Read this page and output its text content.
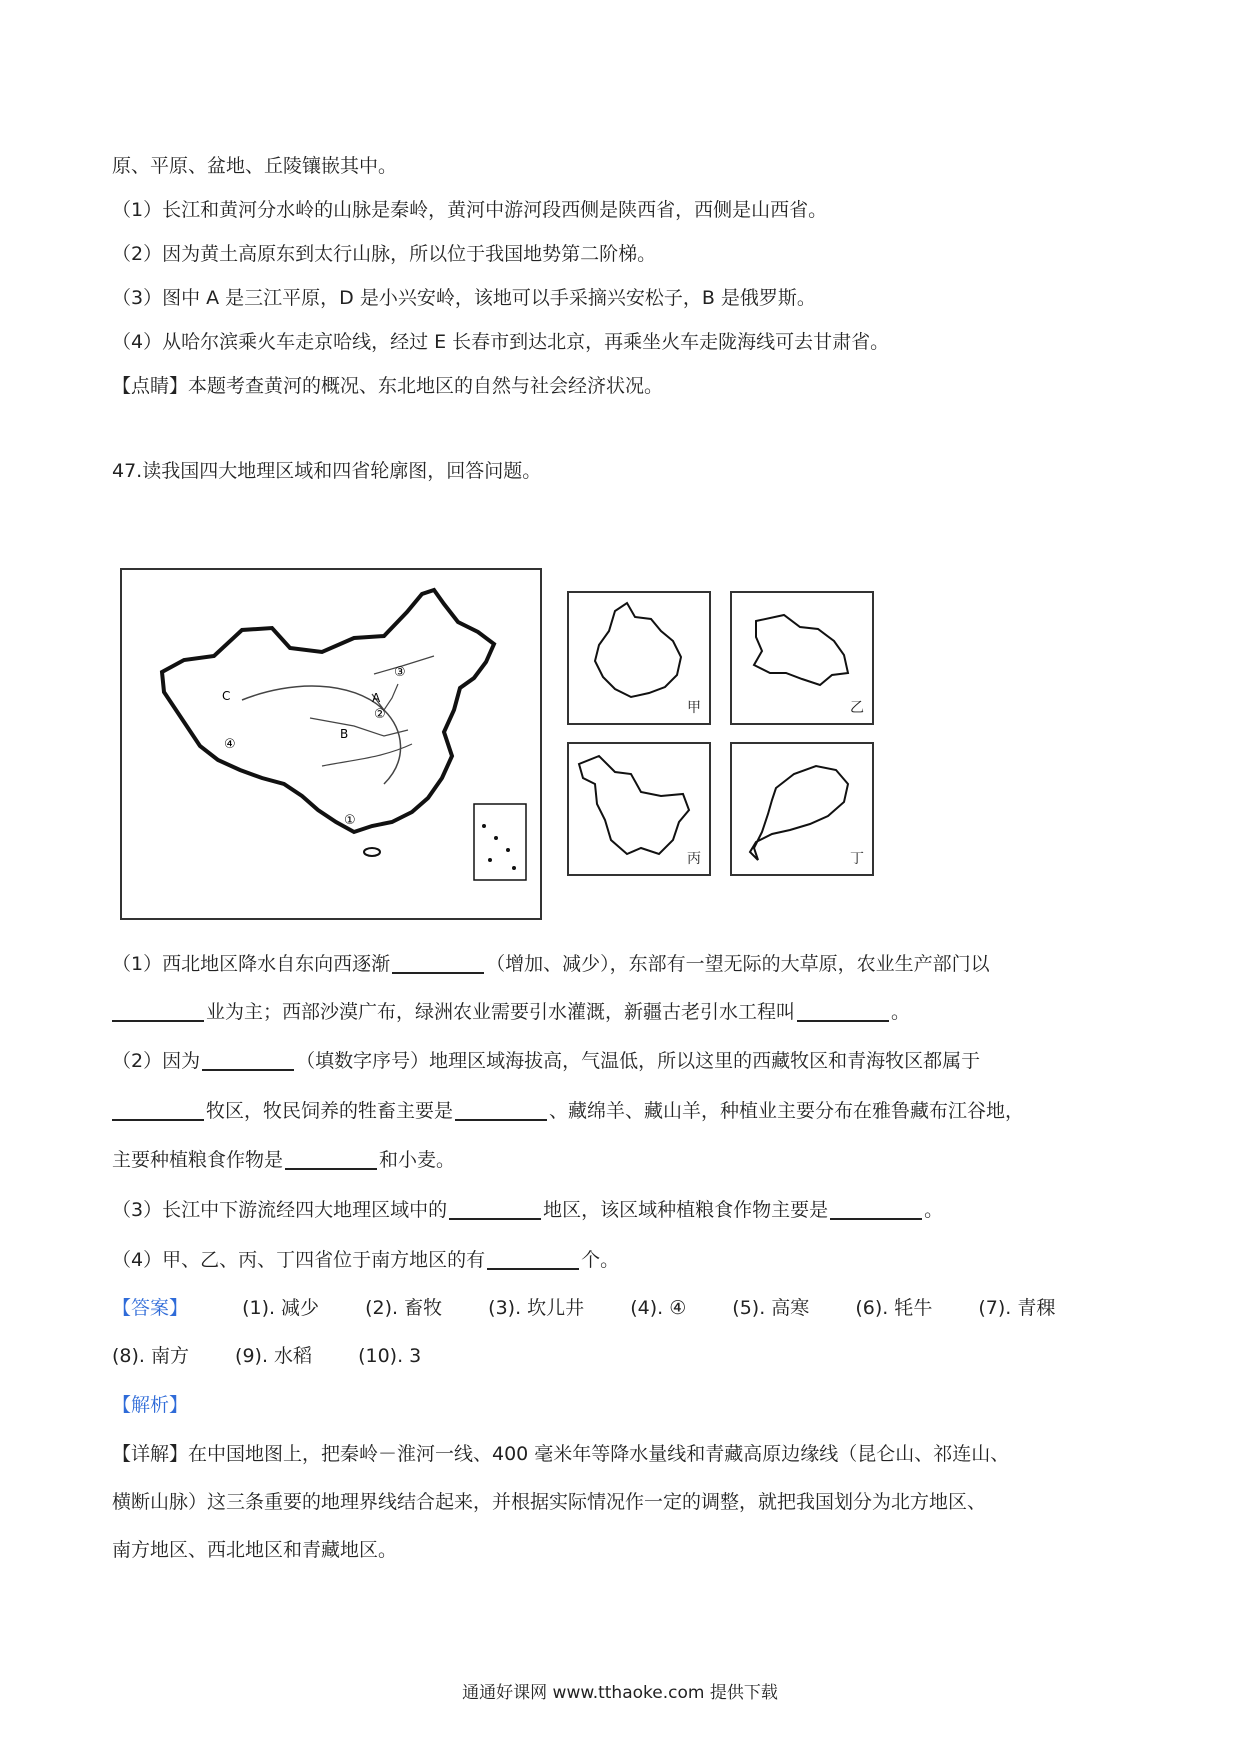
原、平原、盆地、丘陵镶嵌其中。
（1）长江和黄河分水岭的山脉是秦岭，黄河中游河段西侧是陕西省，西侧是山西省。
（2）因为黄土高原东到太行山脉，所以位于我国地势第二阶梯。
（3）图中 A 是三江平原，D 是小兴安岭，该地可以手采摘兴安松子，B 是俄罗斯。
（4）从哈尔滨乘火车走京哈线，经过 E 长春市到达北京，再乘坐火车走陇海线可去甘肃省。
【点睛】本题考查黄河的概况、东北地区的自然与社会经济状况。
47.读我国四大地理区域和四省轮廓图，回答问题。
C	A
B
①
②
③
④
甲	乙
丙	丁
（1）西北地区降水自东向西逐渐	（增加、减少），东部有一望无际的大草原，农业生产部门以
业为主；西部沙漠广布，绿洲农业需要引水灌溉，新疆古老引水工程叫	。
（2）因为	（填数字序号）地理区域海拔高，气温低，所以这里的西藏牧区和青海牧区都属于
牧区，牧民饲养的牲畜主要是	、藏绵羊、藏山羊，种植业主要分布在雅鲁藏布江谷地，
主要种植粮食作物是	和小麦。
（3）长江中下游流经四大地理区域中的	地区，该区域种植粮食作物主要是	。
（4）甲、乙、丙、丁四省位于南方地区的有	个。
【答案】	(1). 减少 (2). 畜牧 (3). 坎儿井 (4). ④ (5). 高寒 (6). 牦牛 (7). 青稞
(8). 南方 (9). 水稻 (10). 3
【解析】
【详解】在中国地图上，把秦岭－淮河一线、400 毫米年等降水量线和青藏高原边缘线（昆仑山、祁连山、
横断山脉）这三条重要的地理界线结合起来，并根据实际情况作一定的调整，就把我国划分为北方地区、
南方地区、西北地区和青藏地区。
通通好课网 www.tthaoke.com 提供下载
